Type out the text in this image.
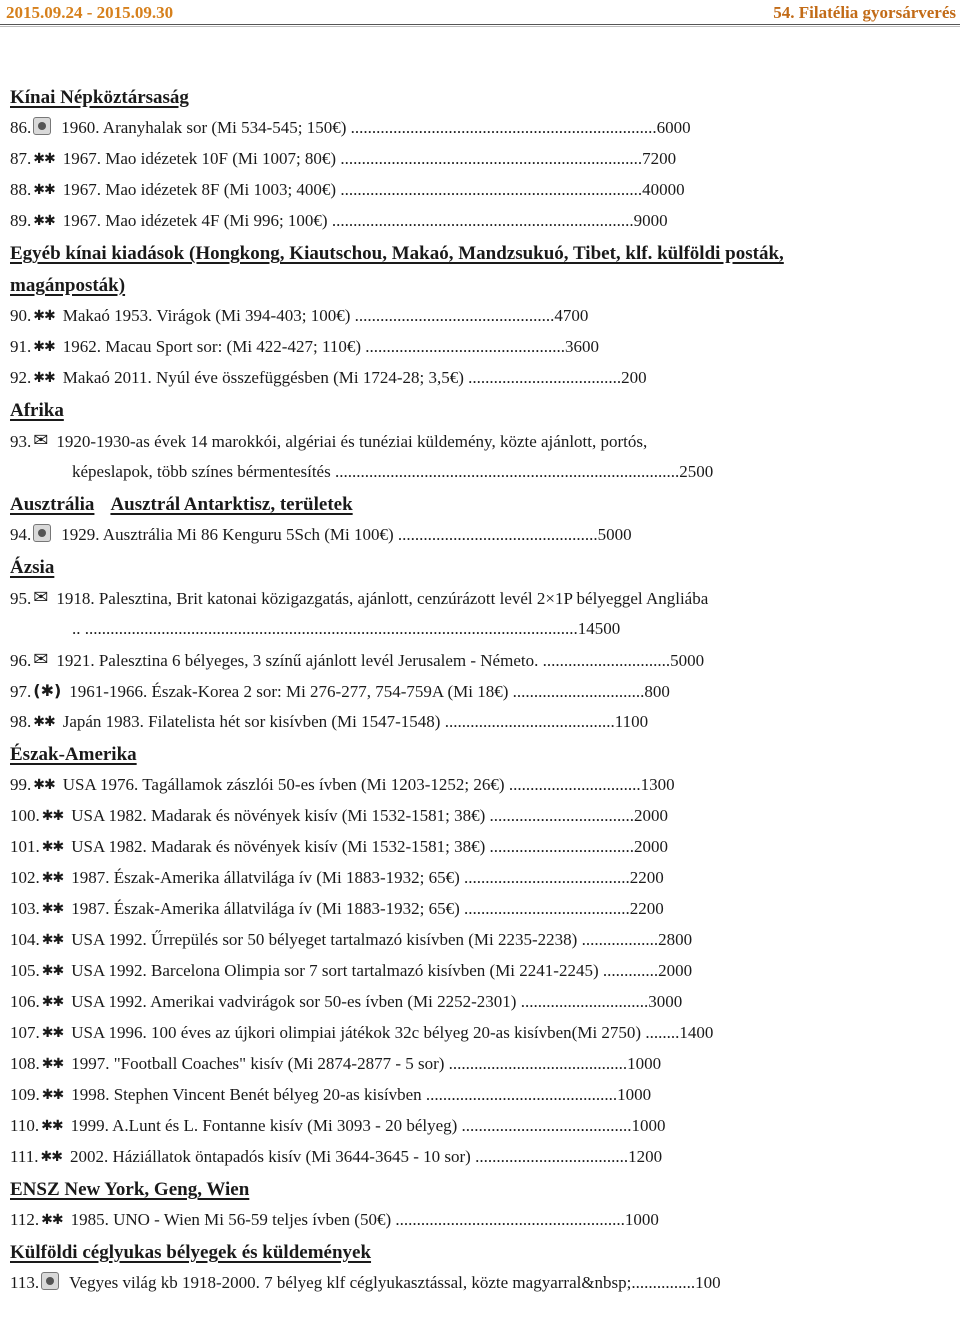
2015.09.24 - 2015.09.30	54. Filatélia gyorsárverés
Kínai Népköztársaság
86. 1960. Aranyhalak sor (Mi 534-545; 150€) ........................................................................6000
87. ✱✱ 1967. Mao idézetek 10F (Mi 1007; 80€) .......................................................................7200
88. ✱✱ 1967. Mao idézetek 8F (Mi 1003; 400€) .......................................................................40000
89. ✱✱ 1967. Mao idézetek 4F (Mi 996; 100€) .......................................................................9000
Egyéb kínai kiadások (Hongkong, Kiautschou, Makaó, Mandzsukuó, Tibet, klf. külföldi posták,
magánposták)
90. ✱✱ Makaó 1953. Virágok (Mi 394-403; 100€) ...............................................4700
91. ✱✱ 1962. Macau Sport sor: (Mi 422-427; 110€) ...............................................3600
92. ✱✱ Makaó 2011. Nyúl éve összefüggésben (Mi 1724-28; 3,5€) ....................................200
Afrika
93. ✉ 1920-1930-as évek 14 marokkói, algériai és tunéziai küldemény, közte ajánlott, portós,
képeslapok, több színes bérmentesítés .................................................................................2500
Ausztrália Ausztrál Antarktisz, területek
94. 1929. Ausztrália Mi 86 Kenguru 5Sch (Mi 100€) ...............................................5000
Ázsia
95. ✉ 1918. Palesztina, Brit katonai közigazgatás, ajánlott, cenzúrázott levél 2×1P bélyeggel Angliába
.. ....................................................................................................................14500
96. ✉ 1921. Palesztina 6 bélyeges, 3 színű ajánlott levél Jerusalem - Németo. ..............................5000
97. (✱) 1961-1966. Észak-Korea 2 sor: Mi 276-277, 754-759A (Mi 18€) ...............................800
98. ✱✱ Japán 1983. Filatelista hét sor kisívben (Mi 1547-1548) ........................................1100
Észak-Amerika
99. ✱✱ USA 1976. Tagállamok zászlói 50-es ívben (Mi 1203-1252; 26€) ...............................1300
100. ✱✱ USA 1982. Madarak és növények kisív (Mi 1532-1581; 38€) ..................................2000
101. ✱✱ USA 1982. Madarak és növények kisív (Mi 1532-1581; 38€) ..................................2000
102. ✱✱ 1987. Észak-Amerika állatvilága ív (Mi 1883-1932; 65€) .......................................2200
103. ✱✱ 1987. Észak-Amerika állatvilága ív (Mi 1883-1932; 65€) .......................................2200
104. ✱✱ USA 1992. Űrrepülés sor 50 bélyeget tartalmazó kisívben (Mi 2235-2238) ..................2800
105. ✱✱ USA 1992. Barcelona Olimpia sor 7 sort tartalmazó kisívben (Mi 2241-2245) .............2000
106. ✱✱ USA 1992. Amerikai vadvirágok sor 50-es ívben (Mi 2252-2301) ..............................3000
107. ✱✱ USA 1996. 100 éves az újkori olimpiai játékok 32c bélyeg 20-as kisívben(Mi 2750) ........1400
108. ✱✱ 1997. "Football Coaches" kisív (Mi 2874-2877 - 5 sor) ..........................................1000
109. ✱✱ 1998. Stephen Vincent Benét bélyeg 20-as kisívben .............................................1000
110. ✱✱ 1999. A.Lunt és L. Fontanne kisív (Mi 3093 - 20 bélyeg) ........................................1000
111. ✱✱ 2002. Háziállatok öntapadós kisív (Mi 3644-3645 - 10 sor) ....................................1200
ENSZ New York, Geng, Wien
112. ✱✱ 1985. UNO - Wien Mi 56-59 teljes ívben (50€) ......................................................1000
Külföldi céglyukas bélyegek és küldemények
113. Vegyes világ kb 1918-2000. 7 bélyeg klf céglyukasztással, közte magyarral&nbsp;...............100
